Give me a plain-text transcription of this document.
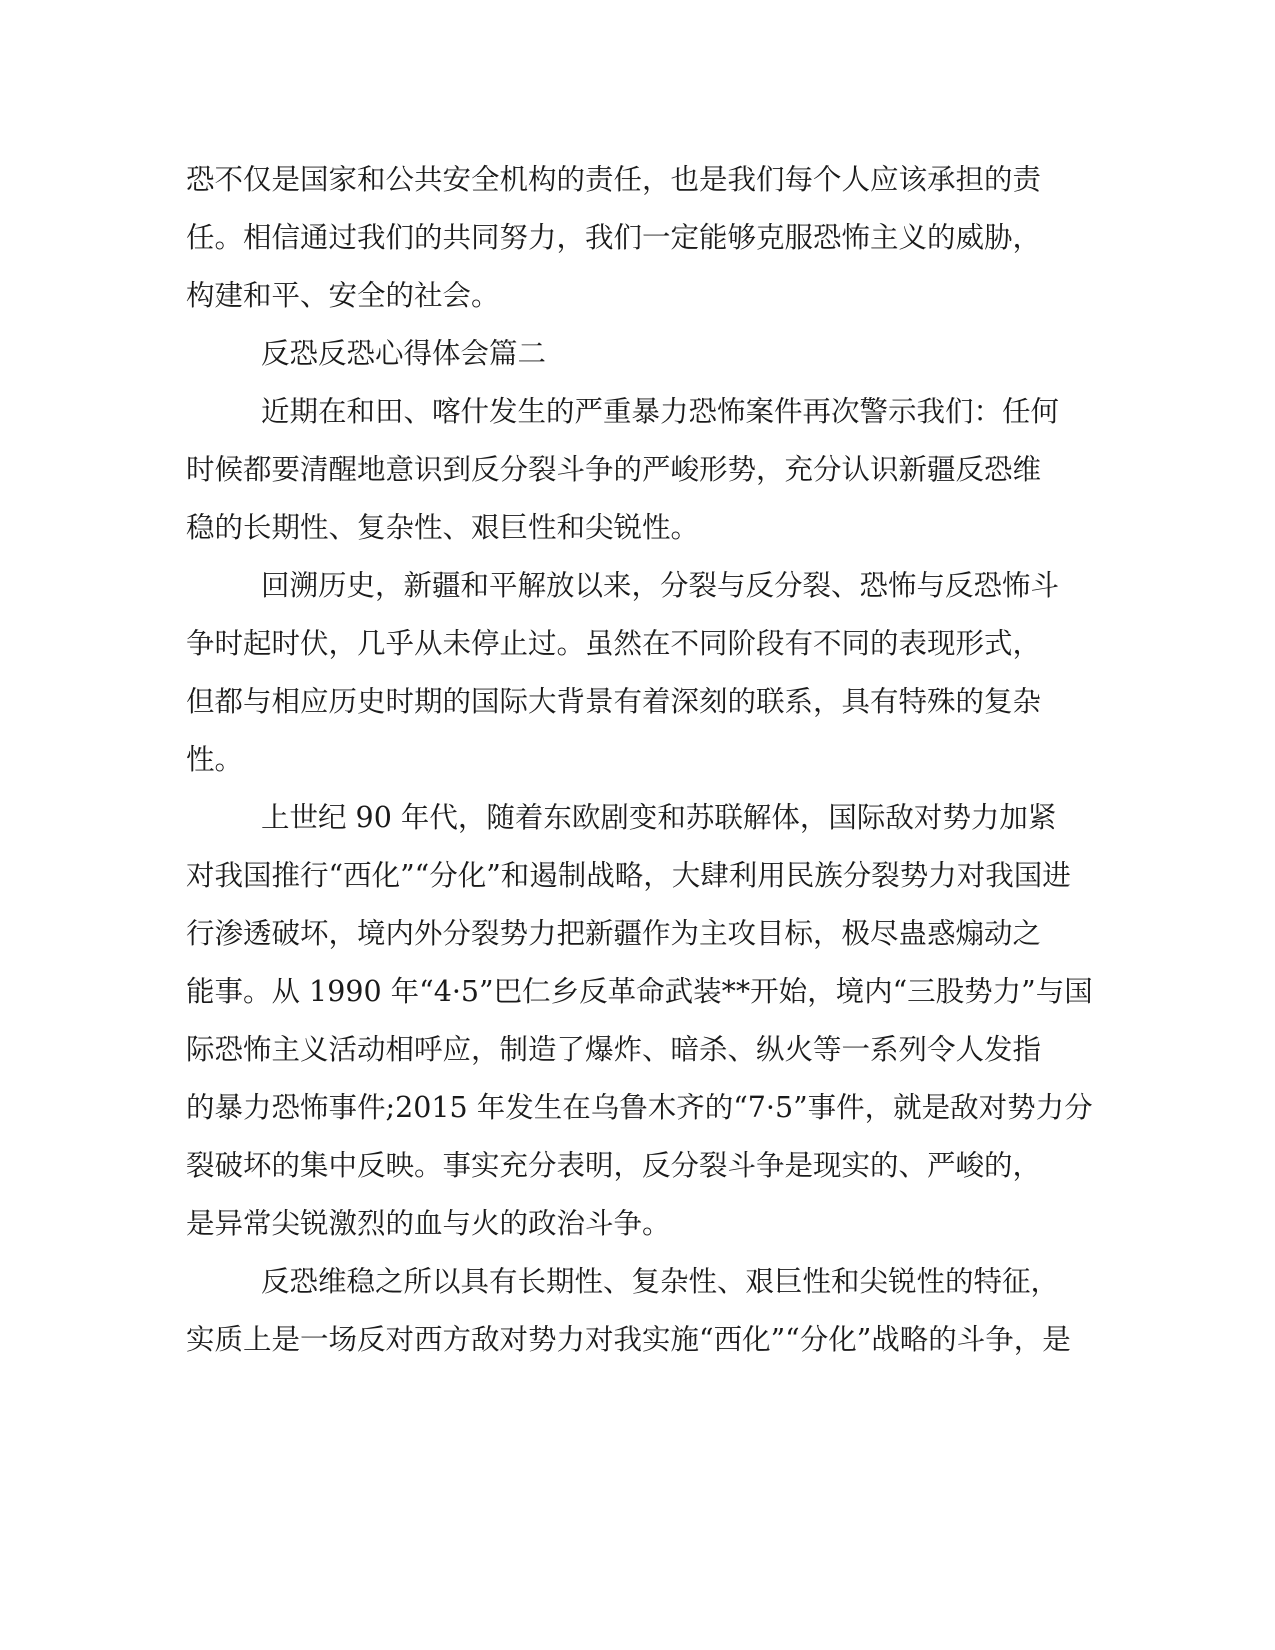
恐不仅是国家和公共安全机构的责任，也是我们每个人应该承担的责
任。相信通过我们的共同努力，我们一定能够克服恐怖主义的威胁，
构建和平、安全的社会。
反恐反恐心得体会篇二
近期在和田、喀什发生的严重暴力恐怖案件再次警示我们：任何
时候都要清醒地意识到反分裂斗争的严峻形势，充分认识新疆反恐维
稳的长期性、复杂性、艰巨性和尖锐性。
回溯历史，新疆和平解放以来，分裂与反分裂、恐怖与反恐怖斗
争时起时伏，几乎从未停止过。虽然在不同阶段有不同的表现形式，
但都与相应历史时期的国际大背景有着深刻的联系，具有特殊的复杂
性。
上世纪 90 年代，随着东欧剧变和苏联解体，国际敌对势力加紧
对我国推行“西化”“分化”和遏制战略，大肆利用民族分裂势力对我国进
行渗透破坏，境内外分裂势力把新疆作为主攻目标，极尽蛊惑煽动之
能事。从 1990 年“4·5”巴仁乡反革命武装**开始，境内“三股势力”与国
际恐怖主义活动相呼应，制造了爆炸、暗杀、纵火等一系列令人发指
的暴力恐怖事件;2015 年发生在乌鲁木齐的“7·5”事件，就是敌对势力分
裂破坏的集中反映。事实充分表明，反分裂斗争是现实的、严峻的，
是异常尖锐激烈的血与火的政治斗争。
反恐维稳之所以具有长期性、复杂性、艰巨性和尖锐性的特征，
实质上是一场反对西方敌对势力对我实施“西化”“分化”战略的斗争，是
